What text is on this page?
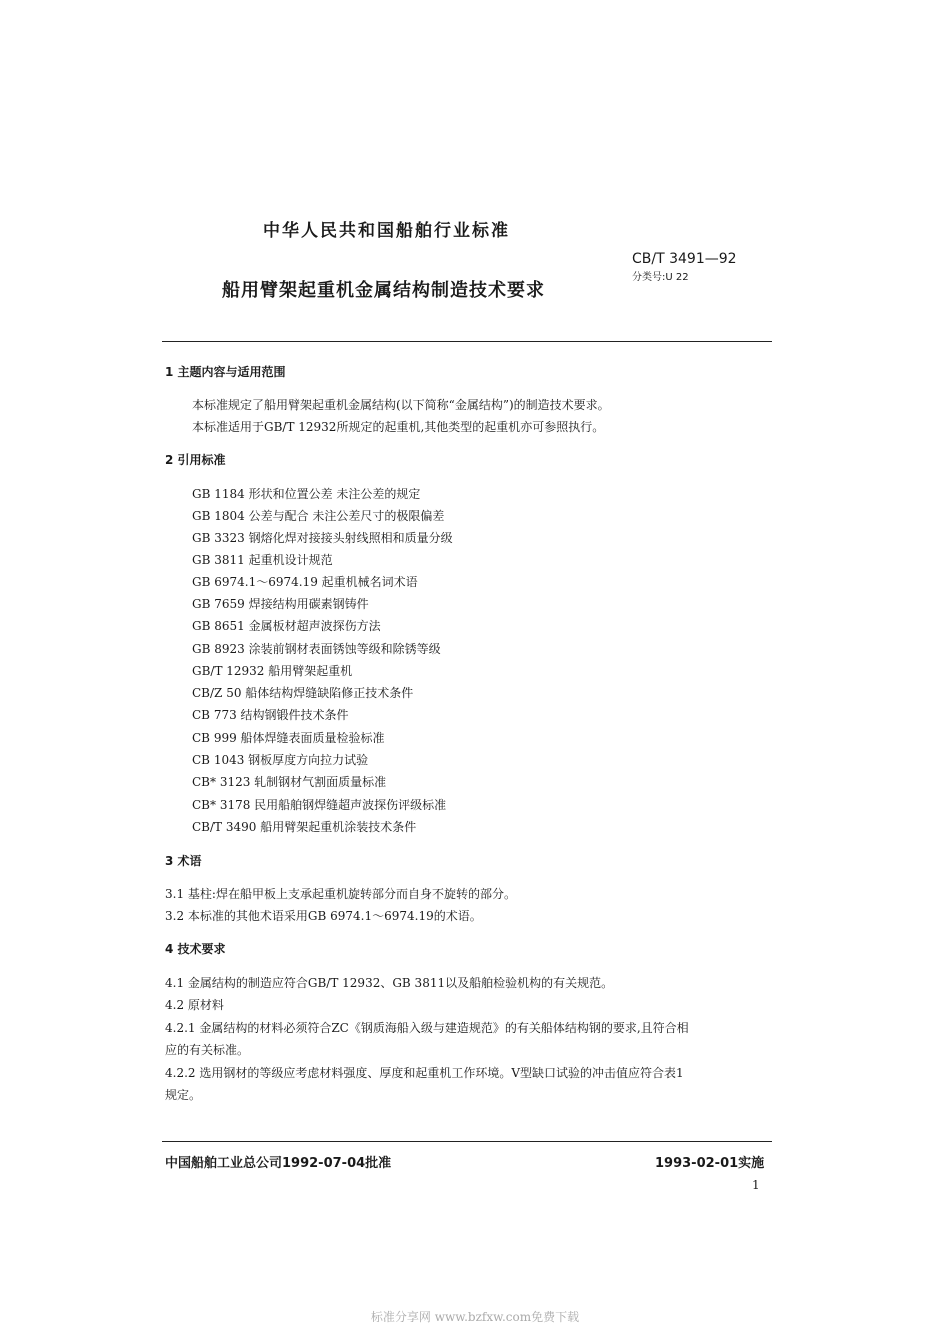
中华人民共和国船舶行业标准
CB/T 3491—92
分类号:U 22
船用臂架起重机金属结构制造技术要求
1 主题内容与适用范围
本标准规定了船用臂架起重机金属结构(以下简称“金属结构”)的制造技术要求。
本标准适用于GB/T 12932所规定的起重机,其他类型的起重机亦可参照执行。
2 引用标准
GB 1184 形状和位置公差 未注公差的规定
GB 1804 公差与配合 未注公差尺寸的极限偏差
GB 3323 钢熔化焊对接接头射线照相和质量分级
GB 3811 起重机设计规范
GB 6974.1～6974.19 起重机械名词术语
GB 7659 焊接结构用碳素钢铸件
GB 8651 金属板材超声波探伤方法
GB 8923 涂装前钢材表面锈蚀等级和除锈等级
GB/T 12932 船用臂架起重机
CB/Z 50 船体结构焊缝缺陷修正技术条件
CB 773 结构钢锻件技术条件
CB 999 船体焊缝表面质量检验标准
CB 1043 钢板厚度方向拉力试验
CB* 3123 轧制钢材气割面质量标准
CB* 3178 民用船舶钢焊缝超声波探伤评级标准
CB/T 3490 船用臂架起重机涂装技术条件
3 术语
3.1 基柱:焊在船甲板上支承起重机旋转部分而自身不旋转的部分。
3.2 本标准的其他术语采用GB 6974.1～6974.19的术语。
4 技术要求
4.1 金属结构的制造应符合GB/T 12932、GB 3811以及船舶检验机构的有关规范。
4.2 原材料
4.2.1 金属结构的材料必须符合ZC《钢质海船入级与建造规范》的有关船体结构钢的要求,且符合相
应的有关标准。
4.2.2 选用钢材的等级应考虑材料强度、厚度和起重机工作环境。V型缺口试验的冲击值应符合表1
规定。
中国船舶工业总公司1992-07-04批准	1993-02-01实施
1
标准分享网 www.bzfxw.com免费下载
